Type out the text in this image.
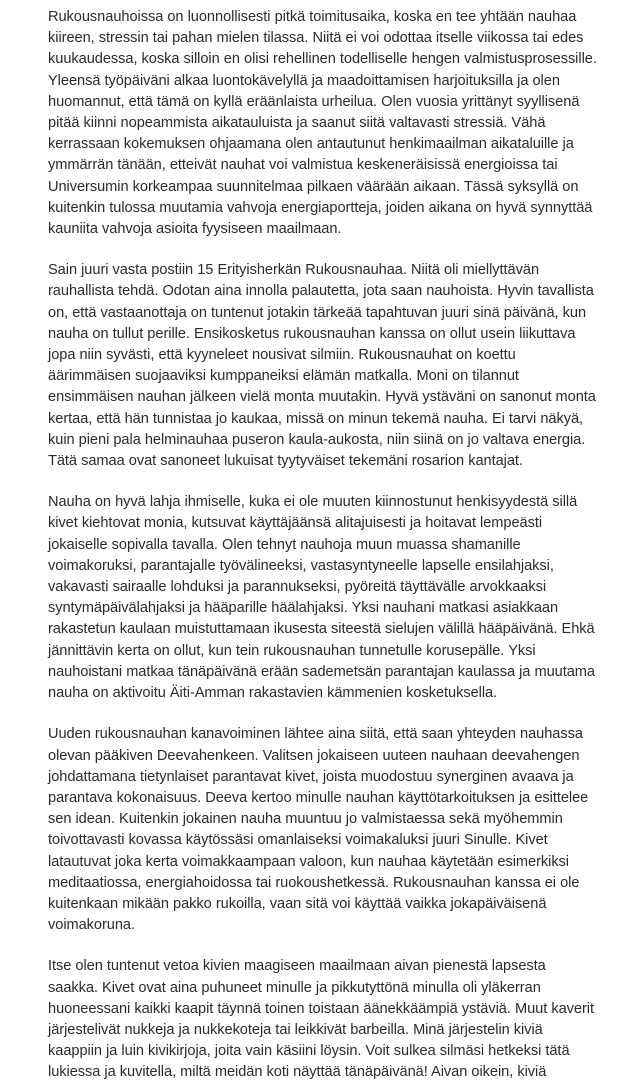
Rukousnauhoissa on luonnollisesti pitkä toimitusaika, koska en tee yhtään nauhaa kiireen, stressin tai pahan mielen tilassa. Niitä ei voi odottaa itselle viikossa tai edes kuukaudessa, koska silloin en olisi rehellinen todelliselle hengen valmistusprosessille. Yleensä työpäiväni alkaa luontokävelyllä ja maadoittamisen harjoituksilla ja olen huomannut, että tämä on kyllä eräänlaista urheilua. Olen vuosia yrittänyt syyllisenä pitää kiinni nopeammista aikatauluista ja saanut siitä valtavasti stressiä. Vähä kerrassaan kokemuksen ohjaamana olen antautunut henkimaailman aikataluille ja ymmärrän tänään, etteivät nauhat voi valmistua keskeneräisissä energioissa tai Universumin korkeampaa suunnitelmaa pilkaen väärään aikaan. Tässä syksyllä on kuitenkin tulossa muutamia vahvoja energiaportteja, joiden aikana on hyvä synnyttää kauniita vahvoja asioita fyysiseen maailmaan.

Sain juuri vasta postiin 15 Erityisherkän Rukousnauhaa. Niitä oli miellyttävän rauhallista tehdä. Odotan aina innolla palautetta, jota saan nauhoista. Hyvin tavallista on, että vastaanottaja on tuntenut jotakin tärkeää tapahtuvan juuri sinä päivänä, kun nauha on tullut perille. Ensikosketus rukousnauhan kanssa on ollut usein liikuttava jopa niin syvästi, että kyyneleet nousivat silmiin. Rukousnauhat on koettu äärimmäisen suojaaviksi kumppaneiksi elämän matkalla. Moni on tilannut ensimmäisen nauhan jälkeen vielä monta muutakin. Hyvä ystäväni on sanonut monta kertaa, että hän tunnistaa jo kaukaa, missä on minun tekemä nauha. Ei tarvi näkyä, kuin pieni pala helminauhaa puseron kaula-aukosta, niin siinä on jo valtava energia. Tätä samaa ovat sanoneet lukuisat tyytyväiset tekemäni rosarion kantajat.

Nauha on hyvä lahja ihmiselle, kuka ei ole muuten kiinnostunut henkisyydestä sillä kivet kiehtovat monia, kutsuvat käyttäjäänsä alitajuisesti ja hoitavat lempeästi jokaiselle sopivalla tavalla. Olen tehnyt nauhoja muun muassa shamanille voimakoruksi, parantajalle työvälineeksi, vastasyntyneelle lapselle ensilahjaksi, vakavasti sairaalle lohduksi ja parannukseksi, pyöreitä täyttävälle arvokkaaksi syntymäpäivälahjaksi ja hääparille häälahjaksi. Yksi nauhani matkasi asiakkaan rakastetun kaulaan muistuttamaan ikusesta siteestä sielujen välillä hääpäivänä. Ehkä jännittävin kerta on ollut, kun tein rukousnauhan tunnetulle korusepälle. Yksi nauhoistani matkaa tänäpäivänä erään sademetsän parantajan kaulassa ja muutama nauha on aktivoitu Äiti-Amman rakastavien kämmenien kosketuksella.

Uuden rukousnauhan kanavoiminen lähtee aina siitä, että saan yhteyden nauhassa olevan pääkiven Deevahenkeen. Valitsen jokaiseen uuteen nauhaan deevahengen johdattamana tietynlaiset parantavat kivet, joista muodostuu synerginen avaava ja parantava kokonaisuus. Deeva kertoo minulle nauhan käyttötarkoituksen ja esittelee sen idean. Kuitenkin jokainen nauha muuntuu jo valmistaessa sekä myöhemmin toivottavasti kovassa käytössäsi omanlaiseksi voimakaluksi juuri Sinulle. Kivet latautuvat joka kerta voimakkaampaan valoon, kun nauhaa käytetään esimerkiksi meditaatiossa, energiahoidossa tai ruokoushetkessä. Rukousnauhan kanssa ei ole kuitenkaan mikään pakko rukoilla, vaan sitä voi käyttää vaikka jokapäiväisenä voimakoruna.

Itse olen tuntenut vetoa kivien maagiseen maailmaan aivan pienestä lapsesta saakka. Kivet ovat aina puhuneet minulle ja pikkutyttönä minulla oli yläkerran huoneessani kaikki kaapit täynnä toinen toistaan äänekkäämpiä ystäviä. Muut kaverit järjestelivät nukkeja ja nukkekoteja tai leikkivät barbeilla. Minä järjestelin kiviä kaappiin ja luin kivikirjoja, joita vain käsiini löysin. Voit sulkea silmäsi hetkeksi tätä lukiessa ja kuvitella, miltä meidän koti näyttää tänäpäivänä! Aivan oikein, kiviä
